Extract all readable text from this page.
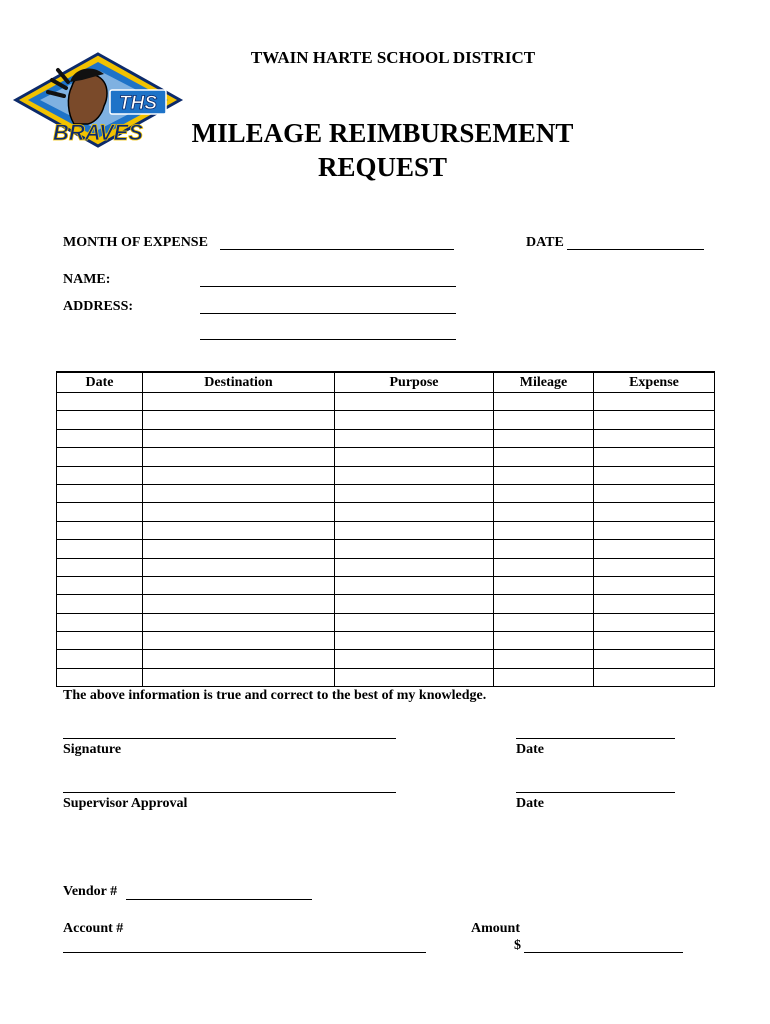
THS
BRAVES
TWAIN HARTE SCHOOL DISTRICT
MILEAGE REIMBURSEMENT
REQUEST
MONTH OF EXPENSE	DATE
NAME:
ADDRESS:
Date	Destination	Purpose	Mileage	Expense

The above information is true and correct to the best of my knowledge.
Signature	Date
Supervisor Approval	Date
Vendor #
Account #	Amount
$
